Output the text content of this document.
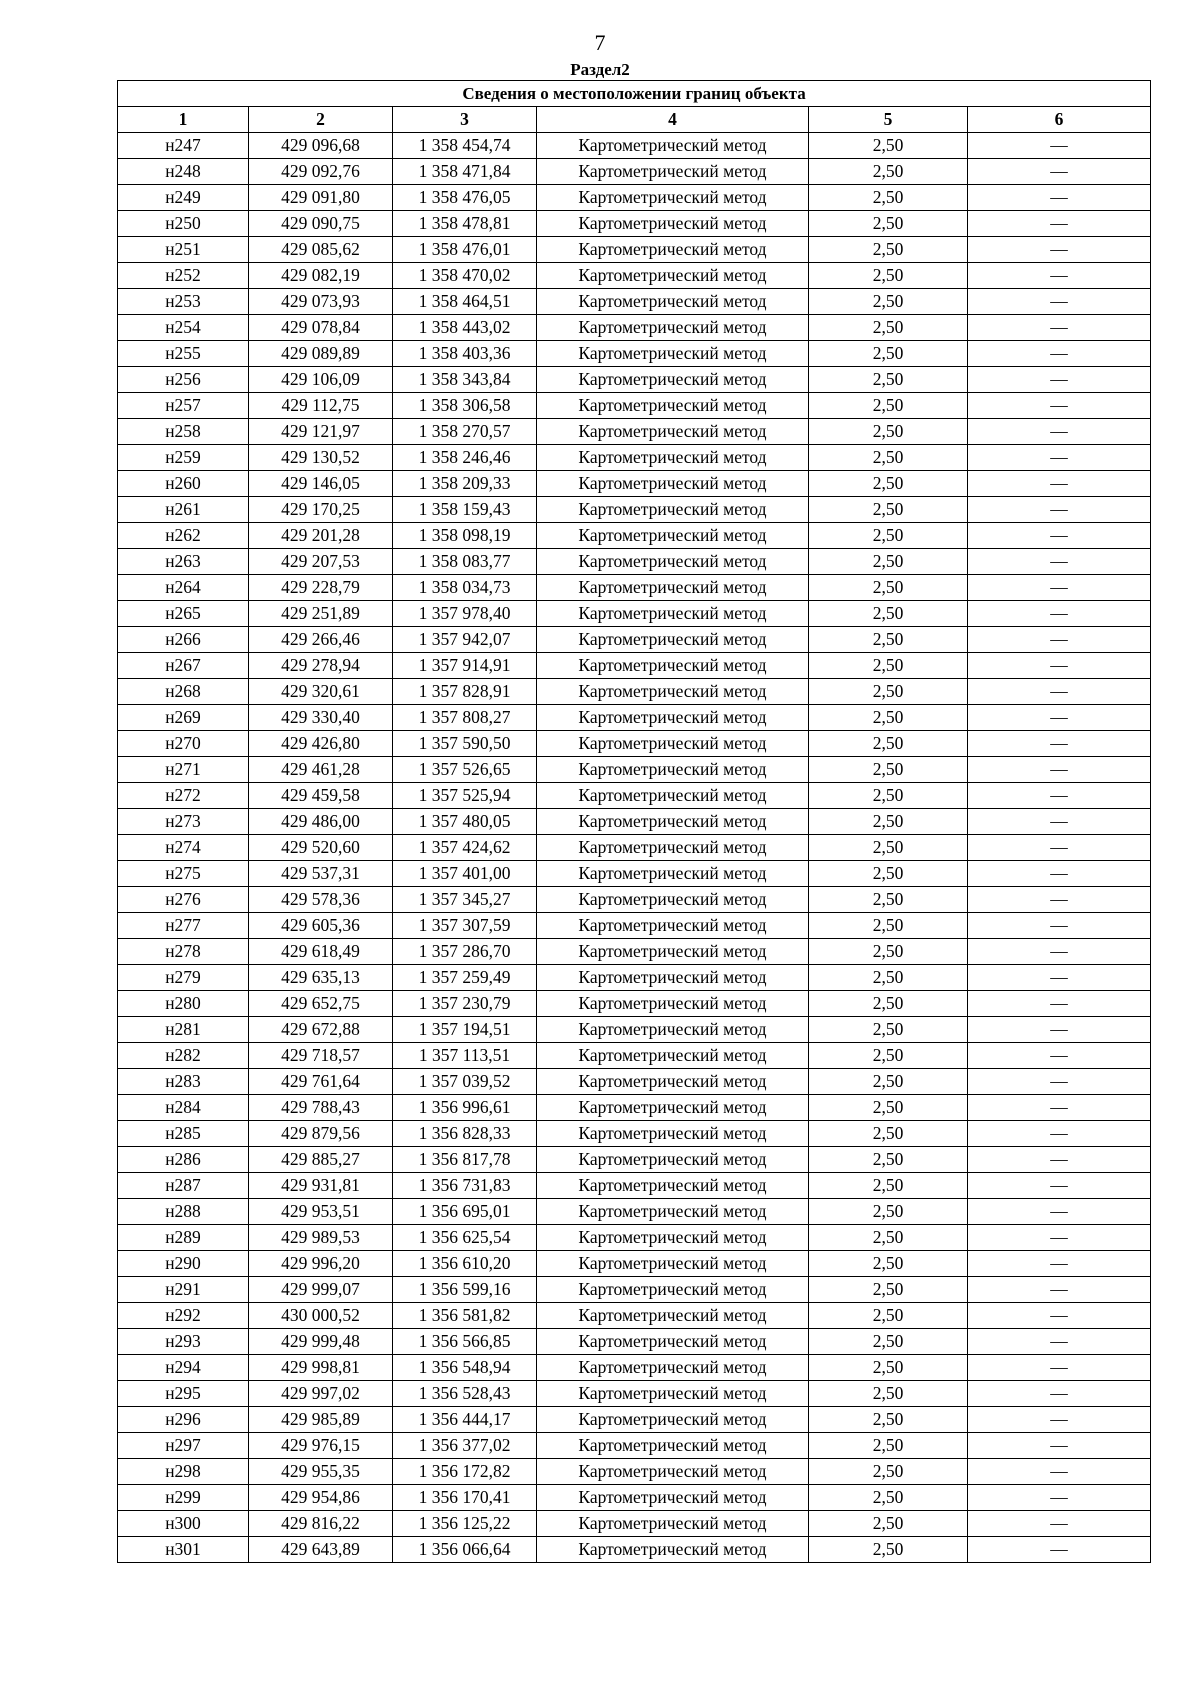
7
Раздел2
Сведения о местоположении границ объекта					
1	2	3	4	5	6
н247	429 096,68	1 358 454,74	Картометрический метод	2,50	—
н248	429 092,76	1 358 471,84	Картометрический метод	2,50	—
н249	429 091,80	1 358 476,05	Картометрический метод	2,50	—
н250	429 090,75	1 358 478,81	Картометрический метод	2,50	—
н251	429 085,62	1 358 476,01	Картометрический метод	2,50	—
н252	429 082,19	1 358 470,02	Картометрический метод	2,50	—
н253	429 073,93	1 358 464,51	Картометрический метод	2,50	—
н254	429 078,84	1 358 443,02	Картометрический метод	2,50	—
н255	429 089,89	1 358 403,36	Картометрический метод	2,50	—
н256	429 106,09	1 358 343,84	Картометрический метод	2,50	—
н257	429 112,75	1 358 306,58	Картометрический метод	2,50	—
н258	429 121,97	1 358 270,57	Картометрический метод	2,50	—
н259	429 130,52	1 358 246,46	Картометрический метод	2,50	—
н260	429 146,05	1 358 209,33	Картометрический метод	2,50	—
н261	429 170,25	1 358 159,43	Картометрический метод	2,50	—
н262	429 201,28	1 358 098,19	Картометрический метод	2,50	—
н263	429 207,53	1 358 083,77	Картометрический метод	2,50	—
н264	429 228,79	1 358 034,73	Картометрический метод	2,50	—
н265	429 251,89	1 357 978,40	Картометрический метод	2,50	—
н266	429 266,46	1 357 942,07	Картометрический метод	2,50	—
н267	429 278,94	1 357 914,91	Картометрический метод	2,50	—
н268	429 320,61	1 357 828,91	Картометрический метод	2,50	—
н269	429 330,40	1 357 808,27	Картометрический метод	2,50	—
н270	429 426,80	1 357 590,50	Картометрический метод	2,50	—
н271	429 461,28	1 357 526,65	Картометрический метод	2,50	—
н272	429 459,58	1 357 525,94	Картометрический метод	2,50	—
н273	429 486,00	1 357 480,05	Картометрический метод	2,50	—
н274	429 520,60	1 357 424,62	Картометрический метод	2,50	—
н275	429 537,31	1 357 401,00	Картометрический метод	2,50	—
н276	429 578,36	1 357 345,27	Картометрический метод	2,50	—
н277	429 605,36	1 357 307,59	Картометрический метод	2,50	—
н278	429 618,49	1 357 286,70	Картометрический метод	2,50	—
н279	429 635,13	1 357 259,49	Картометрический метод	2,50	—
н280	429 652,75	1 357 230,79	Картометрический метод	2,50	—
н281	429 672,88	1 357 194,51	Картометрический метод	2,50	—
н282	429 718,57	1 357 113,51	Картометрический метод	2,50	—
н283	429 761,64	1 357 039,52	Картометрический метод	2,50	—
н284	429 788,43	1 356 996,61	Картометрический метод	2,50	—
н285	429 879,56	1 356 828,33	Картометрический метод	2,50	—
н286	429 885,27	1 356 817,78	Картометрический метод	2,50	—
н287	429 931,81	1 356 731,83	Картометрический метод	2,50	—
н288	429 953,51	1 356 695,01	Картометрический метод	2,50	—
н289	429 989,53	1 356 625,54	Картометрический метод	2,50	—
н290	429 996,20	1 356 610,20	Картометрический метод	2,50	—
н291	429 999,07	1 356 599,16	Картометрический метод	2,50	—
н292	430 000,52	1 356 581,82	Картометрический метод	2,50	—
н293	429 999,48	1 356 566,85	Картометрический метод	2,50	—
н294	429 998,81	1 356 548,94	Картометрический метод	2,50	—
н295	429 997,02	1 356 528,43	Картометрический метод	2,50	—
н296	429 985,89	1 356 444,17	Картометрический метод	2,50	—
н297	429 976,15	1 356 377,02	Картометрический метод	2,50	—
н298	429 955,35	1 356 172,82	Картометрический метод	2,50	—
н299	429 954,86	1 356 170,41	Картометрический метод	2,50	—
н300	429 816,22	1 356 125,22	Картометрический метод	2,50	—
н301	429 643,89	1 356 066,64	Картометрический метод	2,50	—
